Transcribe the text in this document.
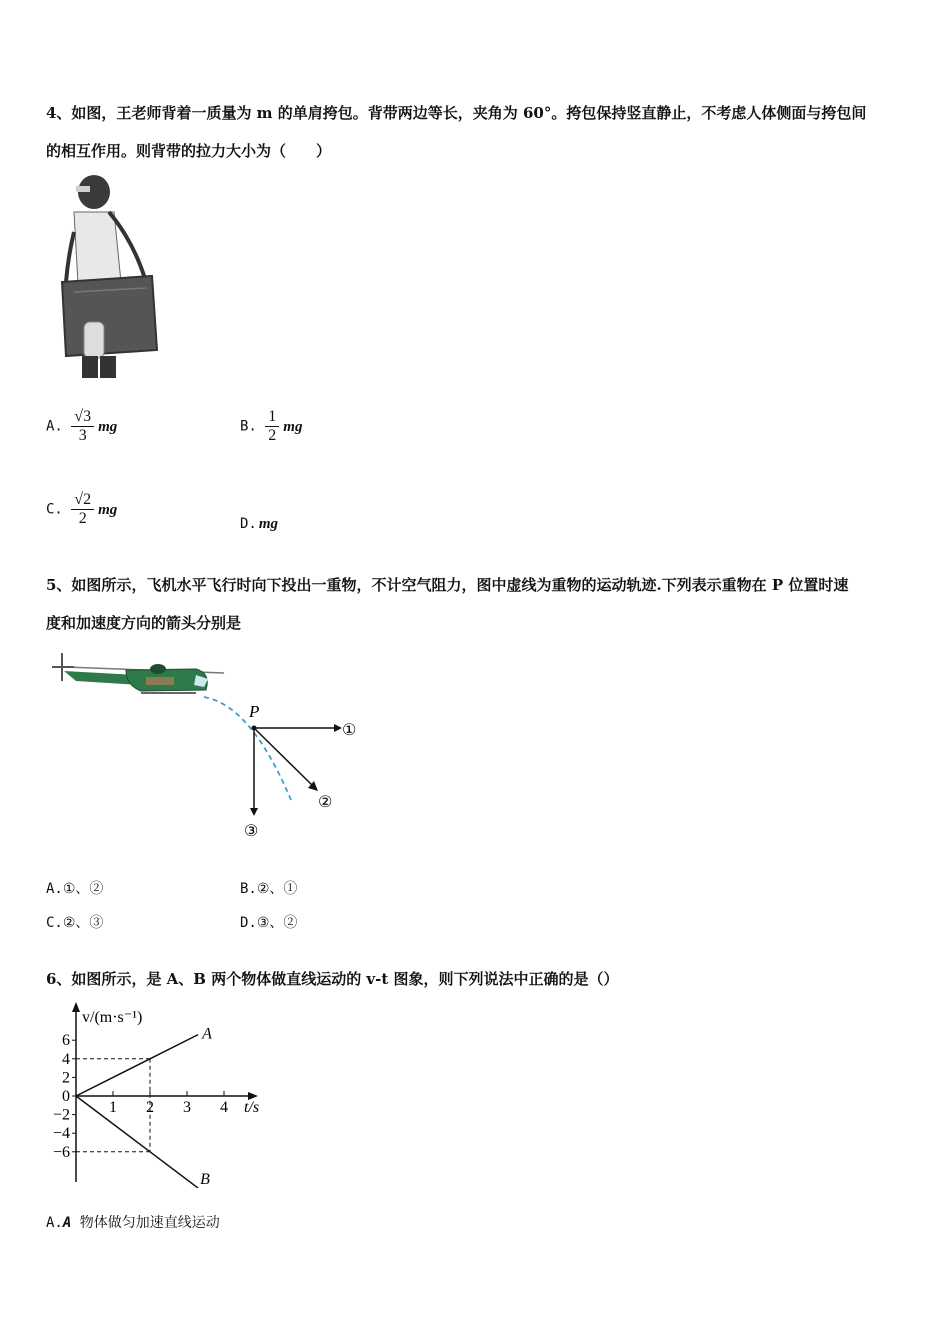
4、如图，王老师背着一质量为 m 的单肩挎包。背带两边等长，夹角为 60°。挎包保持竖直静止，不考虑人体侧面与挎包间
的相互作用。则背带的拉力大小为（　　）
A. $\frac{√3}{3}$ mg	B. $\frac{1}{2}$ mg
C. $\frac{√2}{2}$ mg
D. mg
5、如图所示，飞机水平飞行时向下投出一重物，不计空气阻力，图中虚线为重物的运动轨迹.下列表示重物在 P 位置时速
度和加速度方向的箭头分别是
P
①
②
③
A.①、②	B.②、①
C.②、③	D.③、②
6、如图所示，是 A、B 两个物体做直线运动的 v-t 图象，则下列说法中正确的是（）
v/(m·s⁻¹)
t/s
6
4
2
0
−2
−4
−6
1 2 3 4
A
B
A.A 物体做匀加速直线运动
